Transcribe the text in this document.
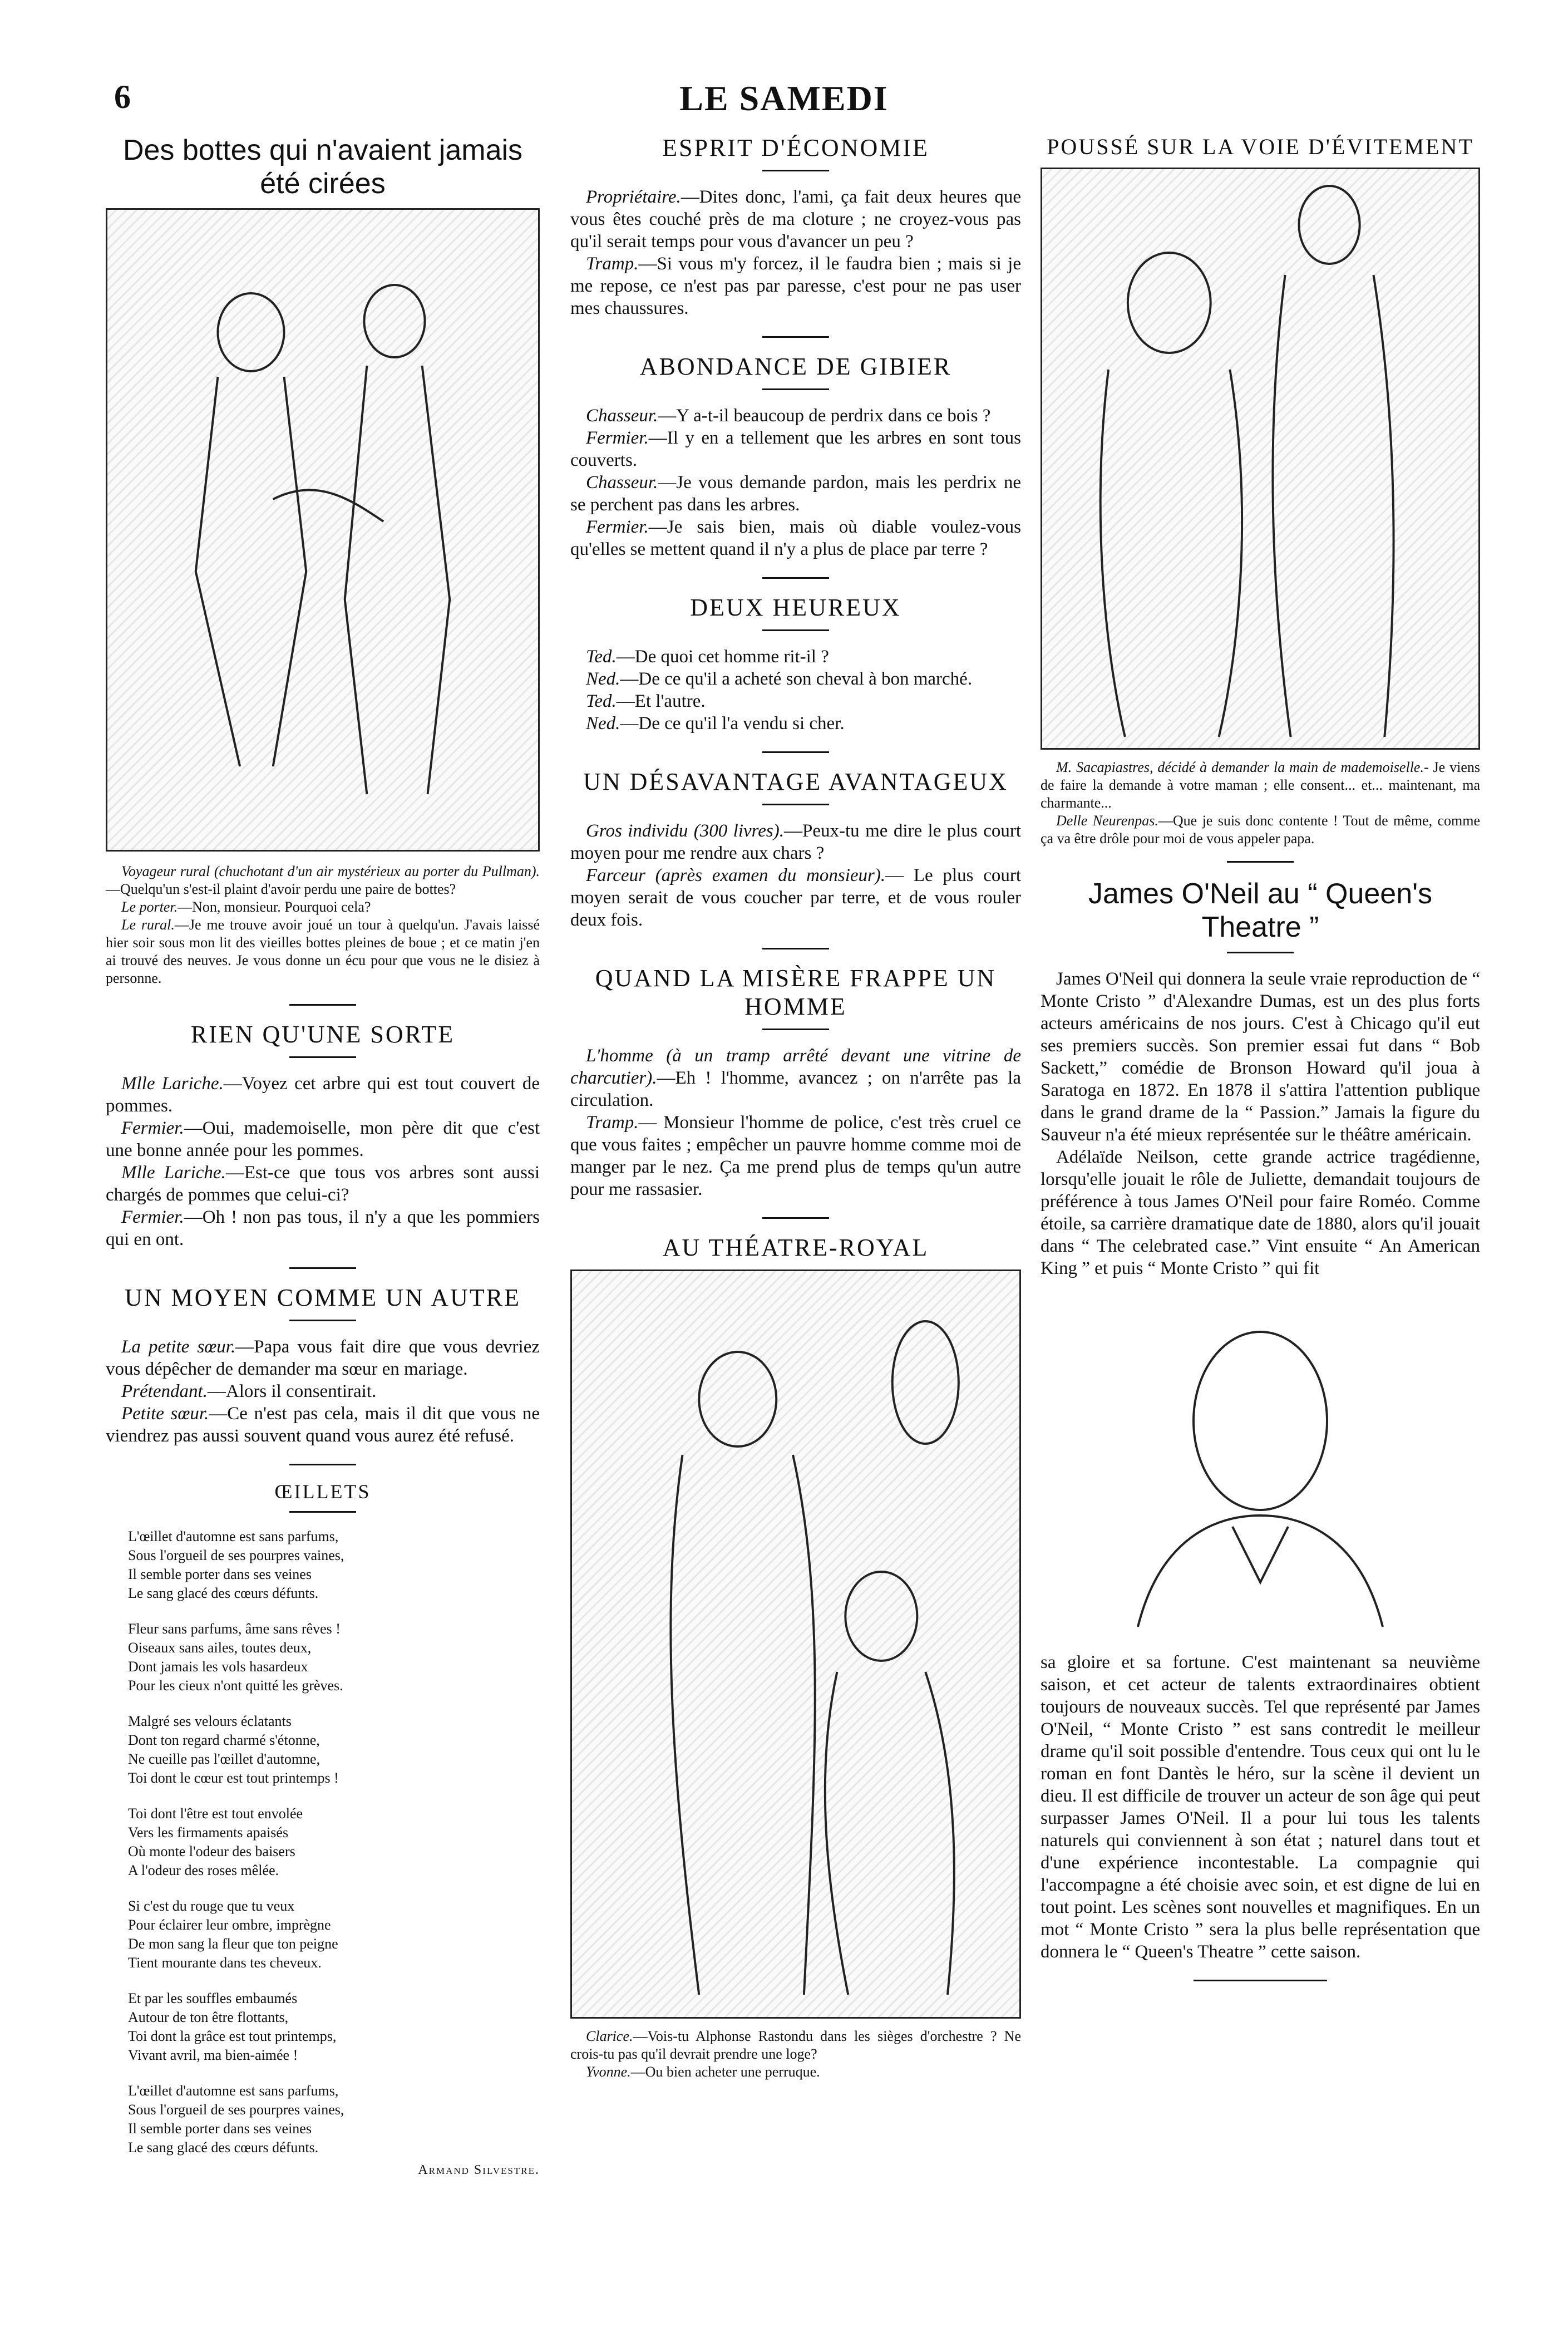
6	LE SAMEDI
Des bottes qui n'avaient jamais été cirées

Voyageur rural (chuchotant d'un air mystérieux au porter du Pullman).—Quelqu'un s'est-il plaint d'avoir perdu une paire de bottes?

Le porter.—Non, monsieur. Pourquoi cela?

Le rural.—Je me trouve avoir joué un tour à quelqu'un. J'avais laissé hier soir sous mon lit des vieilles bottes pleines de boue ; et ce matin j'en ai trouvé des neuves. Je vous donne un écu pour que vous ne le disiez à personne.

RIEN QU'UNE SORTE

Mlle Lariche.—Voyez cet arbre qui est tout couvert de pommes.

Fermier.—Oui, mademoiselle, mon père dit que c'est une bonne année pour les pommes.

Mlle Lariche.—Est-ce que tous vos arbres sont aussi chargés de pommes que celui-ci?

Fermier.—Oh ! non pas tous, il n'y a que les pommiers qui en ont.

UN MOYEN COMME UN AUTRE

La petite sœur.—Papa vous fait dire que vous devriez vous dépêcher de demander ma sœur en mariage.

Prétendant.—Alors il consentirait.

Petite sœur.—Ce n'est pas cela, mais il dit que vous ne viendrez pas aussi souvent quand vous aurez été refusé.

ŒILLETS
L'œillet d'automne est sans parfums,
Sous l'orgueil de ses pourpres vaines,
Il semble porter dans ses veines
Le sang glacé des cœurs défunts.
Fleur sans parfums, âme sans rêves !
Oiseaux sans ailes, toutes deux,
Dont jamais les vols hasardeux
Pour les cieux n'ont quitté les grèves.
Malgré ses velours éclatants
Dont ton regard charmé s'étonne,
Ne cueille pas l'œillet d'automne,
Toi dont le cœur est tout printemps !
Toi dont l'être est tout envolée
Vers les firmaments apaisés
Où monte l'odeur des baisers
A l'odeur des roses mêlée.
Si c'est du rouge que tu veux
Pour éclairer leur ombre, imprègne
De mon sang la fleur que ton peigne
Tient mourante dans tes cheveux.
Et par les souffles embaumés
Autour de ton être flottants,
Toi dont la grâce est tout printemps,
Vivant avril, ma bien-aimée !
L'œillet d'automne est sans parfums,
Sous l'orgueil de ses pourpres vaines,
Il semble porter dans ses veines
Le sang glacé des cœurs défunts.
Armand Silvestre.
ESPRIT D'ÉCONOMIE

Propriétaire.—Dites donc, l'ami, ça fait deux heures que vous êtes couché près de ma cloture ; ne croyez-vous pas qu'il serait temps pour vous d'avancer un peu ?

Tramp.—Si vous m'y forcez, il le faudra bien ; mais si je me repose, ce n'est pas par paresse, c'est pour ne pas user mes chaussures.

ABONDANCE DE GIBIER

Chasseur.—Y a-t-il beaucoup de perdrix dans ce bois ?

Fermier.—Il y en a tellement que les arbres en sont tous couverts.

Chasseur.—Je vous demande pardon, mais les perdrix ne se perchent pas dans les arbres.

Fermier.—Je sais bien, mais où diable voulez-vous qu'elles se mettent quand il n'y a plus de place par terre ?

DEUX HEUREUX

Ted.—De quoi cet homme rit-il ?

Ned.—De ce qu'il a acheté son cheval à bon marché.

Ted.—Et l'autre.

Ned.—De ce qu'il l'a vendu si cher.

UN DÉSAVANTAGE AVANTAGEUX

Gros individu (300 livres).—Peux-tu me dire le plus court moyen pour me rendre aux chars ?

Farceur (après examen du monsieur).— Le plus court moyen serait de vous coucher par terre, et de vous rouler deux fois.

QUAND LA MISÈRE FRAPPE UN HOMME

L'homme (à un tramp arrêté devant une vitrine de charcutier).—Eh ! l'homme, avancez ; on n'arrête pas la circulation.

Tramp.— Monsieur l'homme de police, c'est très cruel ce que vous faites ; empêcher un pauvre homme comme moi de manger par le nez. Ça me prend plus de temps qu'un autre pour me rassasier.

AU THÉATRE-ROYAL

Clarice.—Vois-tu Alphonse Rastondu dans les sièges d'orchestre ? Ne crois-tu pas qu'il devrait prendre une loge?

Yvonne.—Ou bien acheter une perruque.

POUSSÉ SUR LA VOIE D'ÉVITEMENT

M. Sacapiastres, décidé à demander la main de mademoiselle.- Je viens de faire la demande à votre maman ; elle consent... et... maintenant, ma charmante...

Delle Neurenpas.—Que je suis donc contente ! Tout de même, comme ça va être drôle pour moi de vous appeler papa.

James O'Neil au “ Queen's Theatre ”

James O'Neil qui donnera la seule vraie reproduction de “ Monte Cristo ” d'Alexandre Dumas, est un des plus forts acteurs américains de nos jours. C'est à Chicago qu'il eut ses premiers succès. Son premier essai fut dans “ Bob Sackett,” comédie de Bronson Howard qu'il joua à Saratoga en 1872. En 1878 il s'attira l'attention publique dans le grand drame de la “ Passion.” Jamais la figure du Sauveur n'a été mieux représentée sur le théâtre américain.

Adélaïde Neilson, cette grande actrice tragédienne, lorsqu'elle jouait le rôle de Juliette, demandait toujours de préférence à tous James O'Neil pour faire Roméo. Comme étoile, sa carrière dramatique date de 1880, alors qu'il jouait dans “ The celebrated case.” Vint ensuite “ An American King ” et puis “ Monte Cristo ” qui fit

sa gloire et sa fortune. C'est maintenant sa neuvième saison, et cet acteur de talents extraordinaires obtient toujours de nouveaux succès. Tel que représenté par James O'Neil, “ Monte Cristo ” est sans contredit le meilleur drame qu'il soit possible d'entendre. Tous ceux qui ont lu le roman en font Dantès le héro, sur la scène il devient un dieu. Il est difficile de trouver un acteur de son âge qui peut surpasser James O'Neil. Il a pour lui tous les talents naturels qui conviennent à son état ; naturel dans tout et d'une expérience incontestable. La compagnie qui l'accompagne a été choisie avec soin, et est digne de lui en tout point. Les scènes sont nouvelles et magnifiques. En un mot “ Monte Cristo ” sera la plus belle représentation que donnera le “ Queen's Theatre ” cette saison.
